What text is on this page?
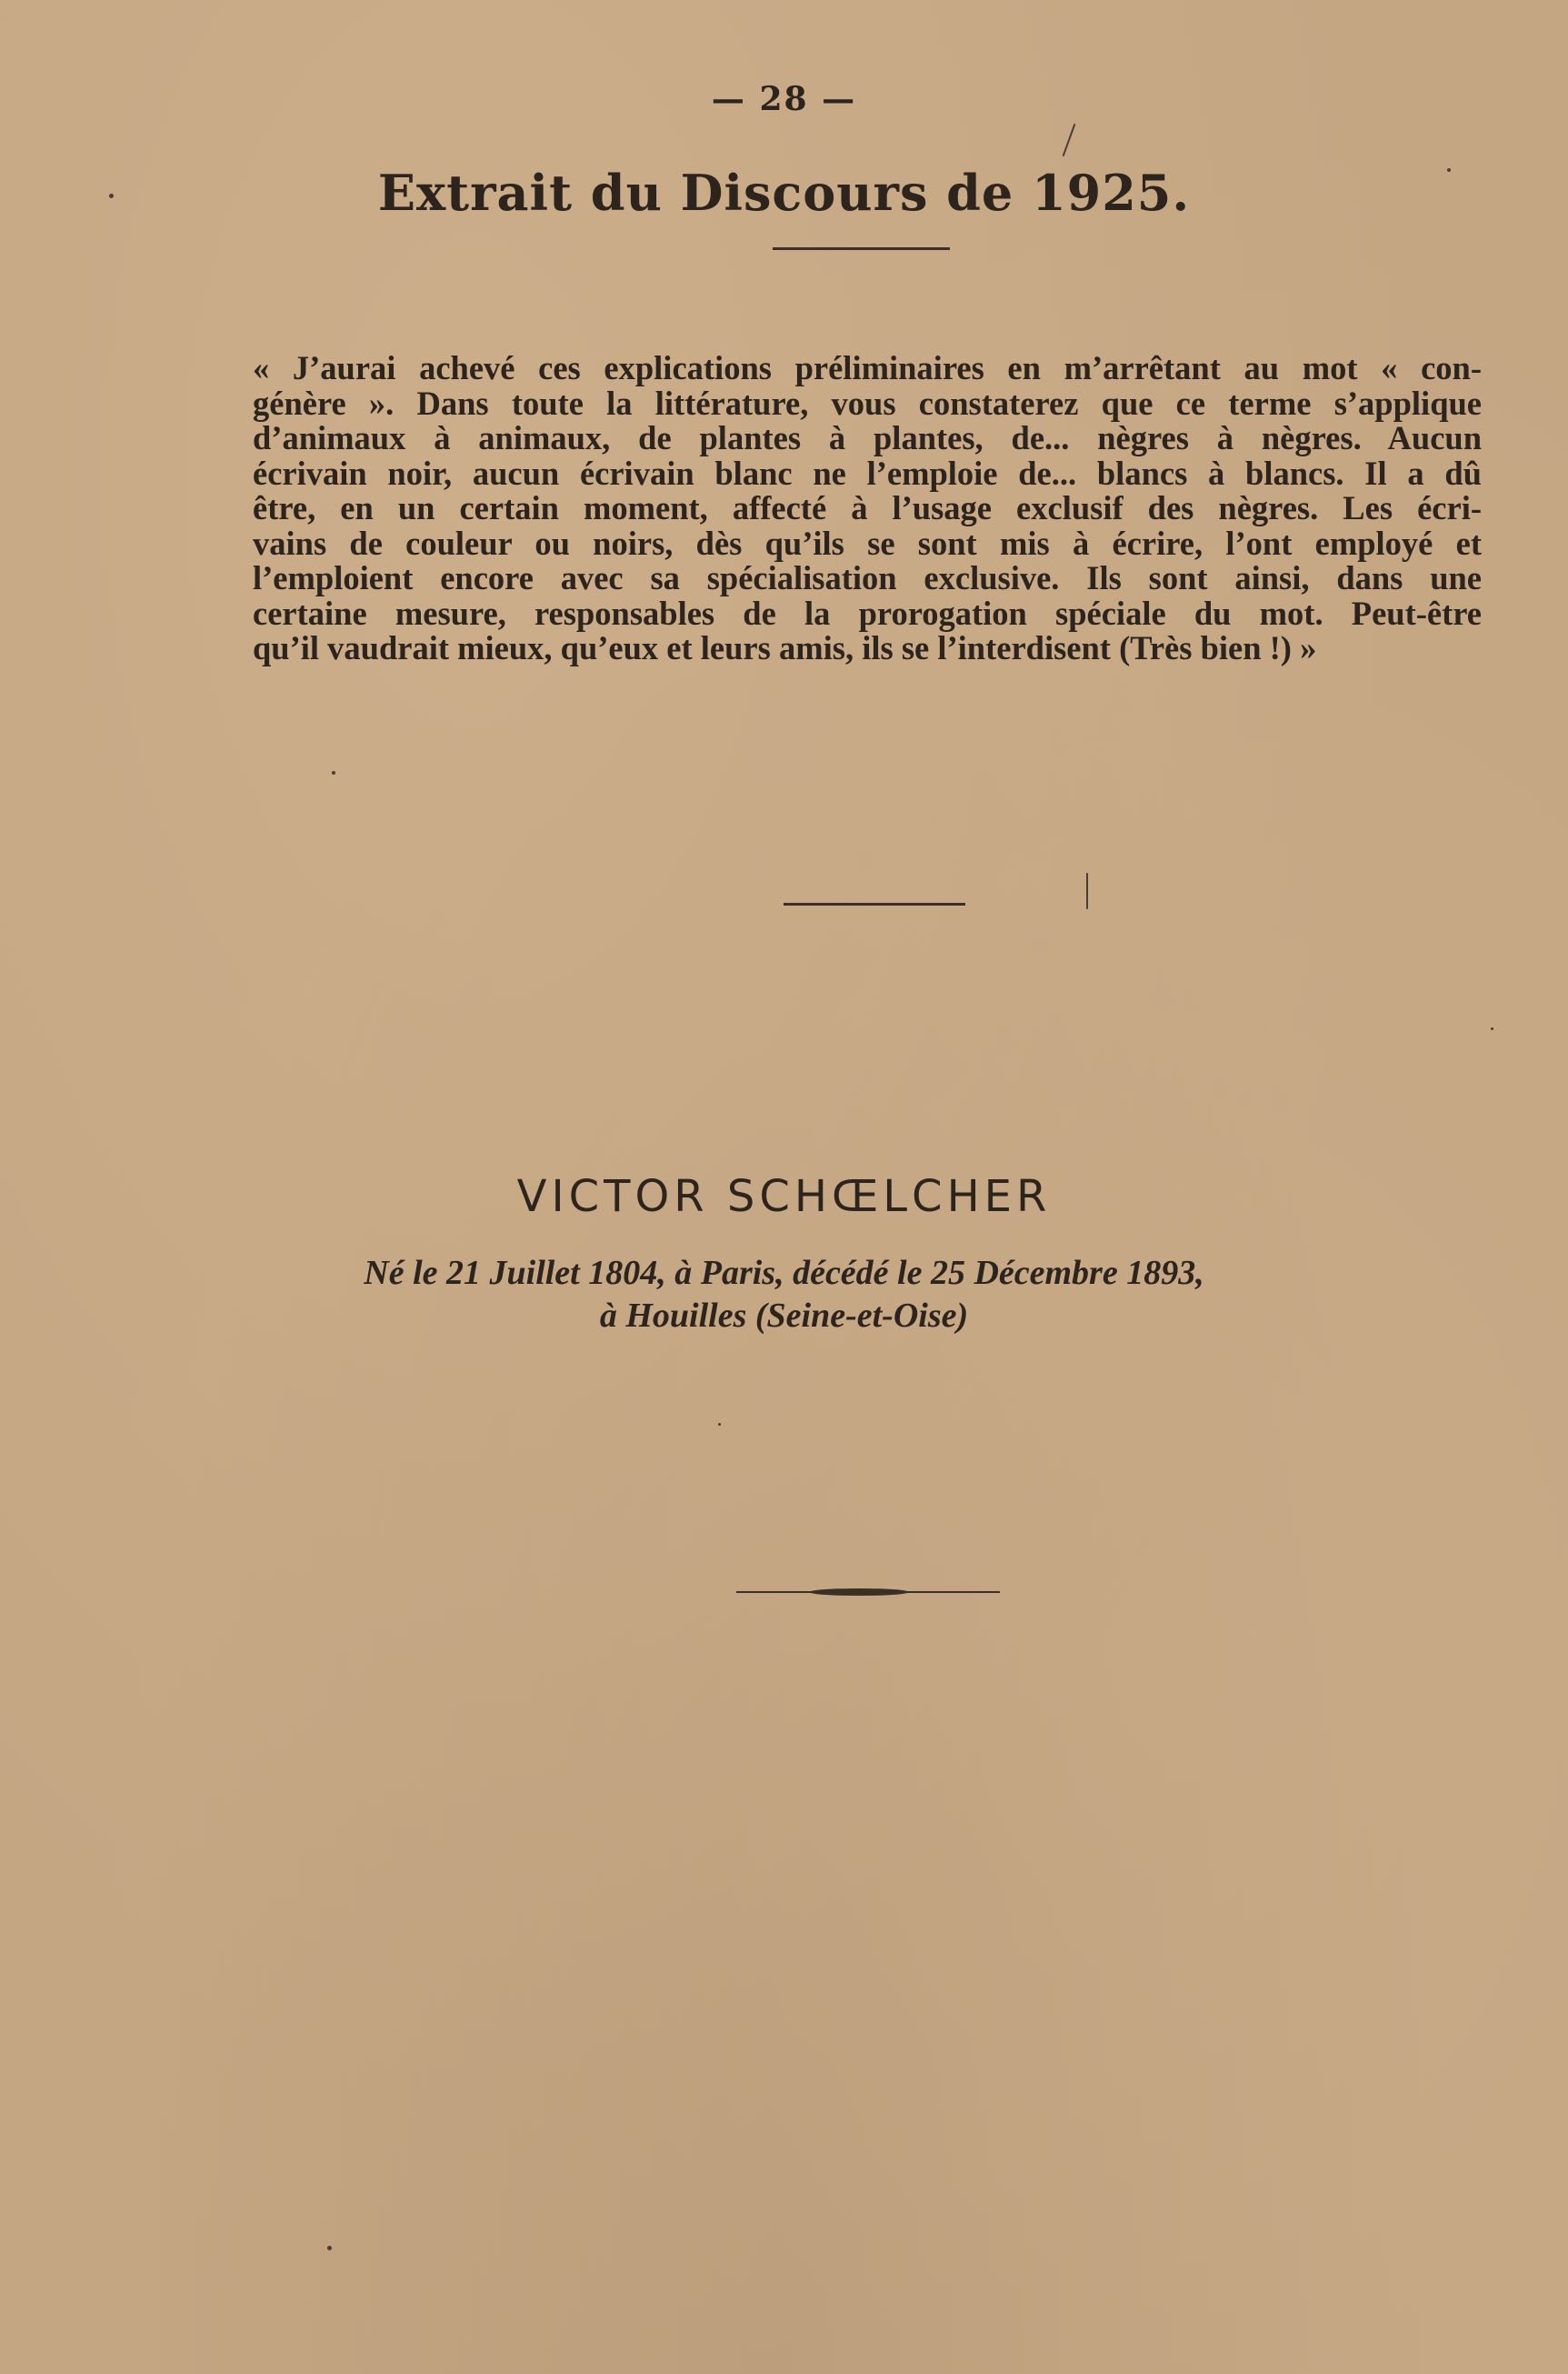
— 28 —
Extrait du Discours de 1925.
« J’aurai achevé ces explications préliminaires en m’arrêtant au mot « con-
génère ». Dans toute la littérature, vous constaterez que ce terme s’applique
d’animaux à animaux, de plantes à plantes, de... nègres à nègres. Aucun
écrivain noir, aucun écrivain blanc ne l’emploie de... blancs à blancs. Il a dû
être, en un certain moment, affecté à l’usage exclusif des nègres. Les écri-
vains de couleur ou noirs, dès qu’ils se sont mis à écrire, l’ont employé et
l’emploient encore avec sa spécialisation exclusive. Ils sont ainsi, dans une
certaine mesure, responsables de la prorogation spéciale du mot. Peut-être
qu’il vaudrait mieux, qu’eux et leurs amis, ils se l’interdisent (Très bien !) »
VICTOR SCHŒLCHER
Né le 21 Juillet 1804, à Paris, décédé le 25 Décembre 1893,
à Houilles (Seine-et-Oise)
